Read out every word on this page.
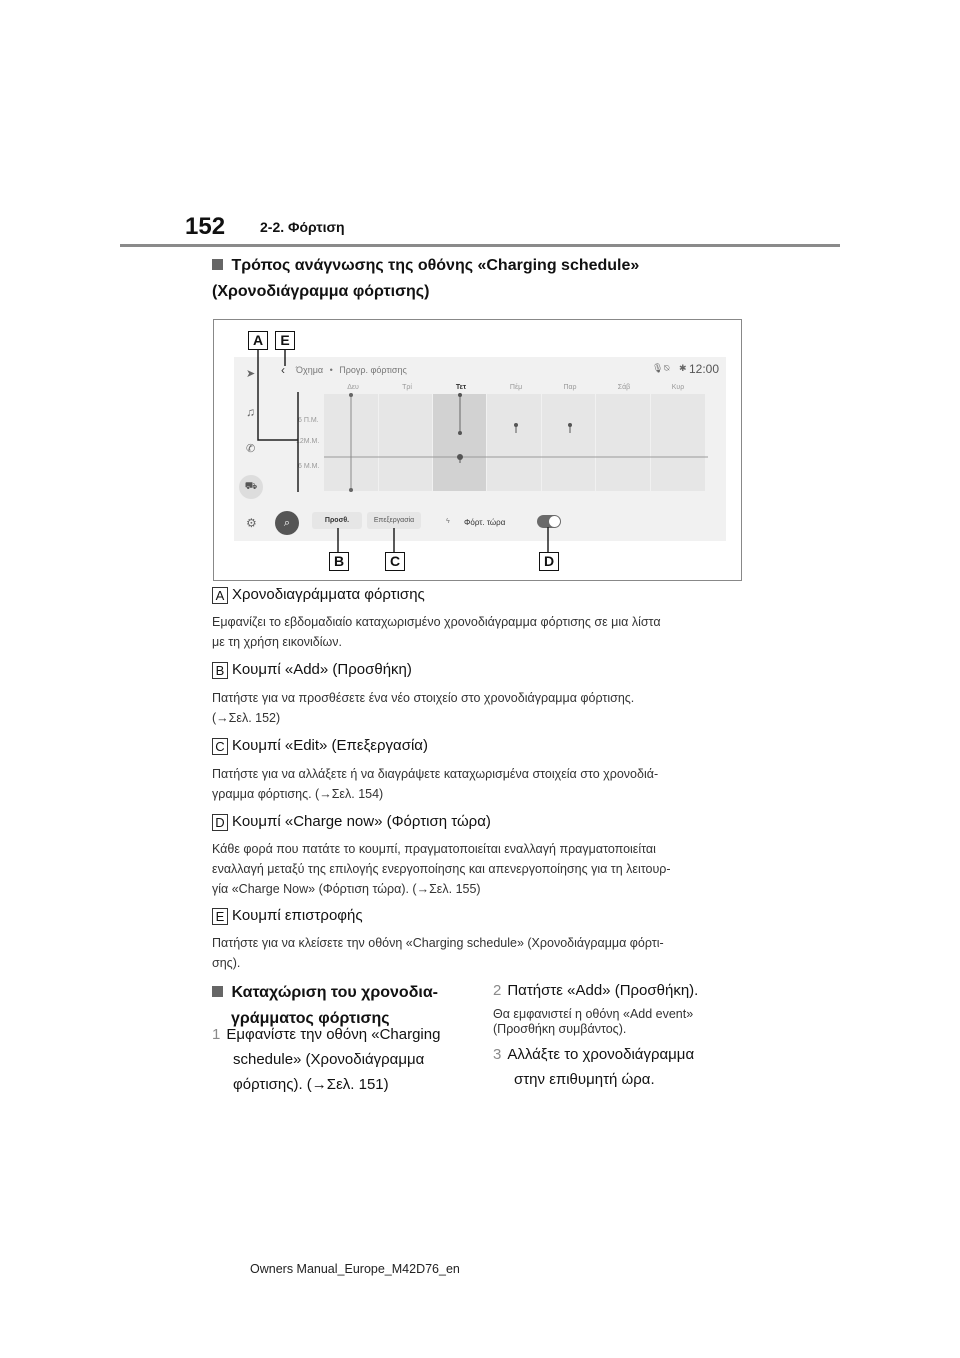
152 2-2. Φόρτιση
Τρόπος ανάγνωσης της οθόνης «Charging schedule»
(Χρονοδιάγραμμα φόρτισης)
➤
♫
✆
⛟
⚙
‹ Όχημα • Προγρ. φόρτισης	🎙 ⍉ ✱ 12:00
Δευ	Τρί	Τετ	Πέμ	Παρ	Σάβ	Κυρ
6 Π.Μ.
12Μ.Μ.
6 Μ.Μ.
⌕	Προσθ.	Επεξεργασία	ϟ Φόρτ. τώρα
A	E
B	C	D
A Χρονοδιαγράμματα φόρτισης
Εμφανίζει το εβδομαδιαίο καταχωρισμένο χρονοδιάγραμμα φόρτισης σε μια λίστα
με τη χρήση εικονιδίων.
B Κουμπί «Add» (Προσθήκη)
Πατήστε για να προσθέσετε ένα νέο στοιχείο στο χρονοδιάγραμμα φόρτισης.
(→Σελ. 152)
C Κουμπί «Edit» (Επεξεργασία)
Πατήστε για να αλλάξετε ή να διαγράψετε καταχωρισμένα στοιχεία στο χρονοδιά-
γραμμα φόρτισης. (→Σελ. 154)
D Κουμπί «Charge now» (Φόρτιση τώρα)
Κάθε φορά που πατάτε το κουμπί, πραγματοποιείται εναλλαγή πραγματοποιείται
εναλλαγή μεταξύ της επιλογής ενεργοποίησης και απενεργοποίησης για τη λειτουρ-
γία «Charge Now» (Φόρτιση τώρα). (→Σελ. 155)
E Κουμπί επιστροφής
Πατήστε για να κλείσετε την οθόνη «Charging schedule» (Χρονοδιάγραμμα φόρτι-
σης).
Καταχώριση του χρονοδια-
γράμματος φόρτισης
1 Εμφανίστε την οθόνη «Charging
schedule» (Χρονοδιάγραμμα
φόρτισης). (→Σελ. 151)
2 Πατήστε «Add» (Προσθήκη).
Θα εμφανιστεί η οθόνη «Add event»
(Προσθήκη συμβάντος).
3 Αλλάξτε το χρονοδιάγραμμα
στην επιθυμητή ώρα.
Owners Manual_Europe_M42D76_en
